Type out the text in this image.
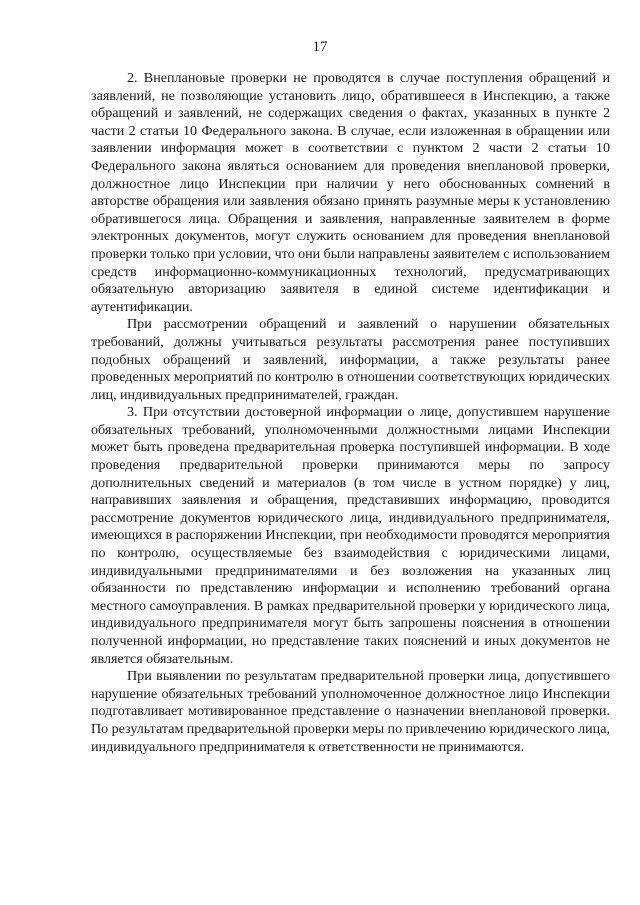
17

2. Внеплановые проверки не проводятся в случае поступления обращений и заявлений, не позволяющие установить лицо, обратившееся в Инспекцию, а также обращений и заявлений, не содержащих сведения о фактах, указанных в пункте 2 части 2 статьи 10 Федерального закона. В случае, если изложенная в обращении или заявлении информация может в соответствии с пунктом 2 части 2 статьи 10 Федерального закона являться основанием для проведения внеплановой проверки, должностное лицо Инспекции при наличии у него обоснованных сомнений в авторстве обращения или заявления обязано принять разумные меры к установлению обратившегося лица. Обращения и заявления, направленные заявителем в форме электронных документов, могут служить основанием для проведения внеплановой проверки только при условии, что они были направлены заявителем с использованием средств информационно-коммуникационных технологий, предусматривающих обязательную авторизацию заявителя в единой системе идентификации и аутентификации.

При рассмотрении обращений и заявлений о нарушении обязательных требований, должны учитываться результаты рассмотрения ранее поступивших подобных обращений и заявлений, информации, а также результаты ранее проведенных мероприятий по контролю в отношении соответствующих юридических лиц, индивидуальных предпринимателей, граждан.

3. При отсутствии достоверной информации о лице, допустившем нарушение обязательных требований, уполномоченными должностными лицами Инспекции может быть проведена предварительная проверка поступившей информации. В ходе проведения предварительной проверки принимаются меры по запросу дополнительных сведений и материалов (в том числе в устном порядке) у лиц, направивших заявления и обращения, представивших информацию, проводится рассмотрение документов юридического лица, индивидуального предпринимателя, имеющихся в распоряжении Инспекции, при необходимости проводятся мероприятия по контролю, осуществляемые без взаимодействия с юридическими лицами, индивидуальными предпринимателями и без возложения на указанных лиц обязанности по представлению информации и исполнению требований органа местного самоуправления. В рамках предварительной проверки у юридического лица, индивидуального предпринимателя могут быть запрошены пояснения в отношении полученной информации, но представление таких пояснений и иных документов не является обязательным.

При выявлении по результатам предварительной проверки лица, допустившего нарушение обязательных требований уполномоченное должностное лицо Инспекции подготавливает мотивированное представление о назначении внеплановой проверки. По результатам предварительной проверки меры по привлечению юридического лица, индивидуального предпринимателя к ответственности не принимаются.
